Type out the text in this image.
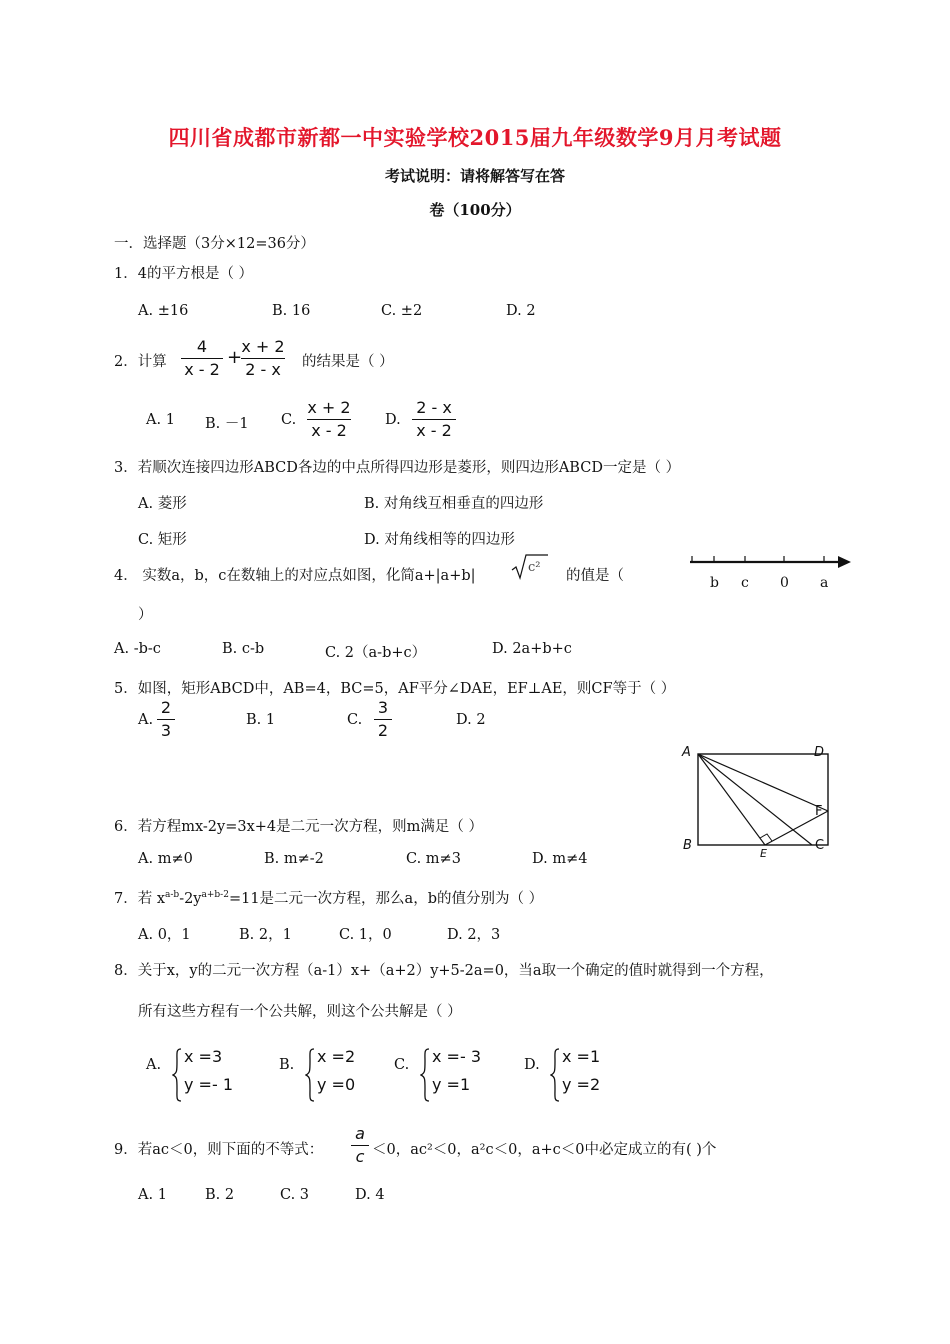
四川省成都市新都一中实验学校2015届九年级数学9月月考试题
考试说明：请将解答写在答
卷（100分）
一．选择题（3分×12=36分）
1．4的平方根是（ ）
A. ±16	B. 16	C. ±2	D. 2
2．计算
4
x - 2
+
x + 2
2 - x	的结果是（ ）
A. 1 B. －1 C.
x + 2
x - 2
D.
2 - x
x - 2
3．若顺次连接四边形ABCD各边的中点所得四边形是菱形，则四边形ABCD一定是（ ）
A. 菱形	B. 对角线互相垂直的四边形
C. 矩形	D. 对角线相等的四边形
4． 实数a，b，c在数轴上的对应点如图，化简a+|a+b|
c²
的值是（
）
b c 0 a
A. -b-c	B. c-b	C. 2（a-b+c）	D. 2a+b+c
5．如图，矩形ABCD中，AB=4，BC=5，AF平分∠DAE，EF⊥AE，则CF等于（ ）
A.
2
3
B. 1	C.
3
2
D. 2
A	D
F
B
E
C
6．若方程mx-2y=3x+4是二元一次方程，则m满足（ ）
A. m≠0	B. m≠-2	C. m≠3	D. m≠4
7．若 $x^{a-b}-2y^{a+b-2}=11$是二元一次方程，那么a，b的值分别为（ ）
A. 0，1	B. 2，1	C. 1，0	D. 2，3
8．关于x，y的二元一次方程（a-1）x+（a+2）y+5-2a=0，当a取一个确定的值时就得到一个方程，
所有这些方程有一个公共解，则这个公共解是（ ）
A. x =3
y =- 1
B. x =2
y =0
C. x =- 3
y =1
D. x =1
y =2
9．若ac＜0，则下面的不等式：
a
c ＜0，ac²＜0，a²c＜0，a+c＜0中必定成立的有( )个
A. 1	B. 2	C. 3	D. 4
